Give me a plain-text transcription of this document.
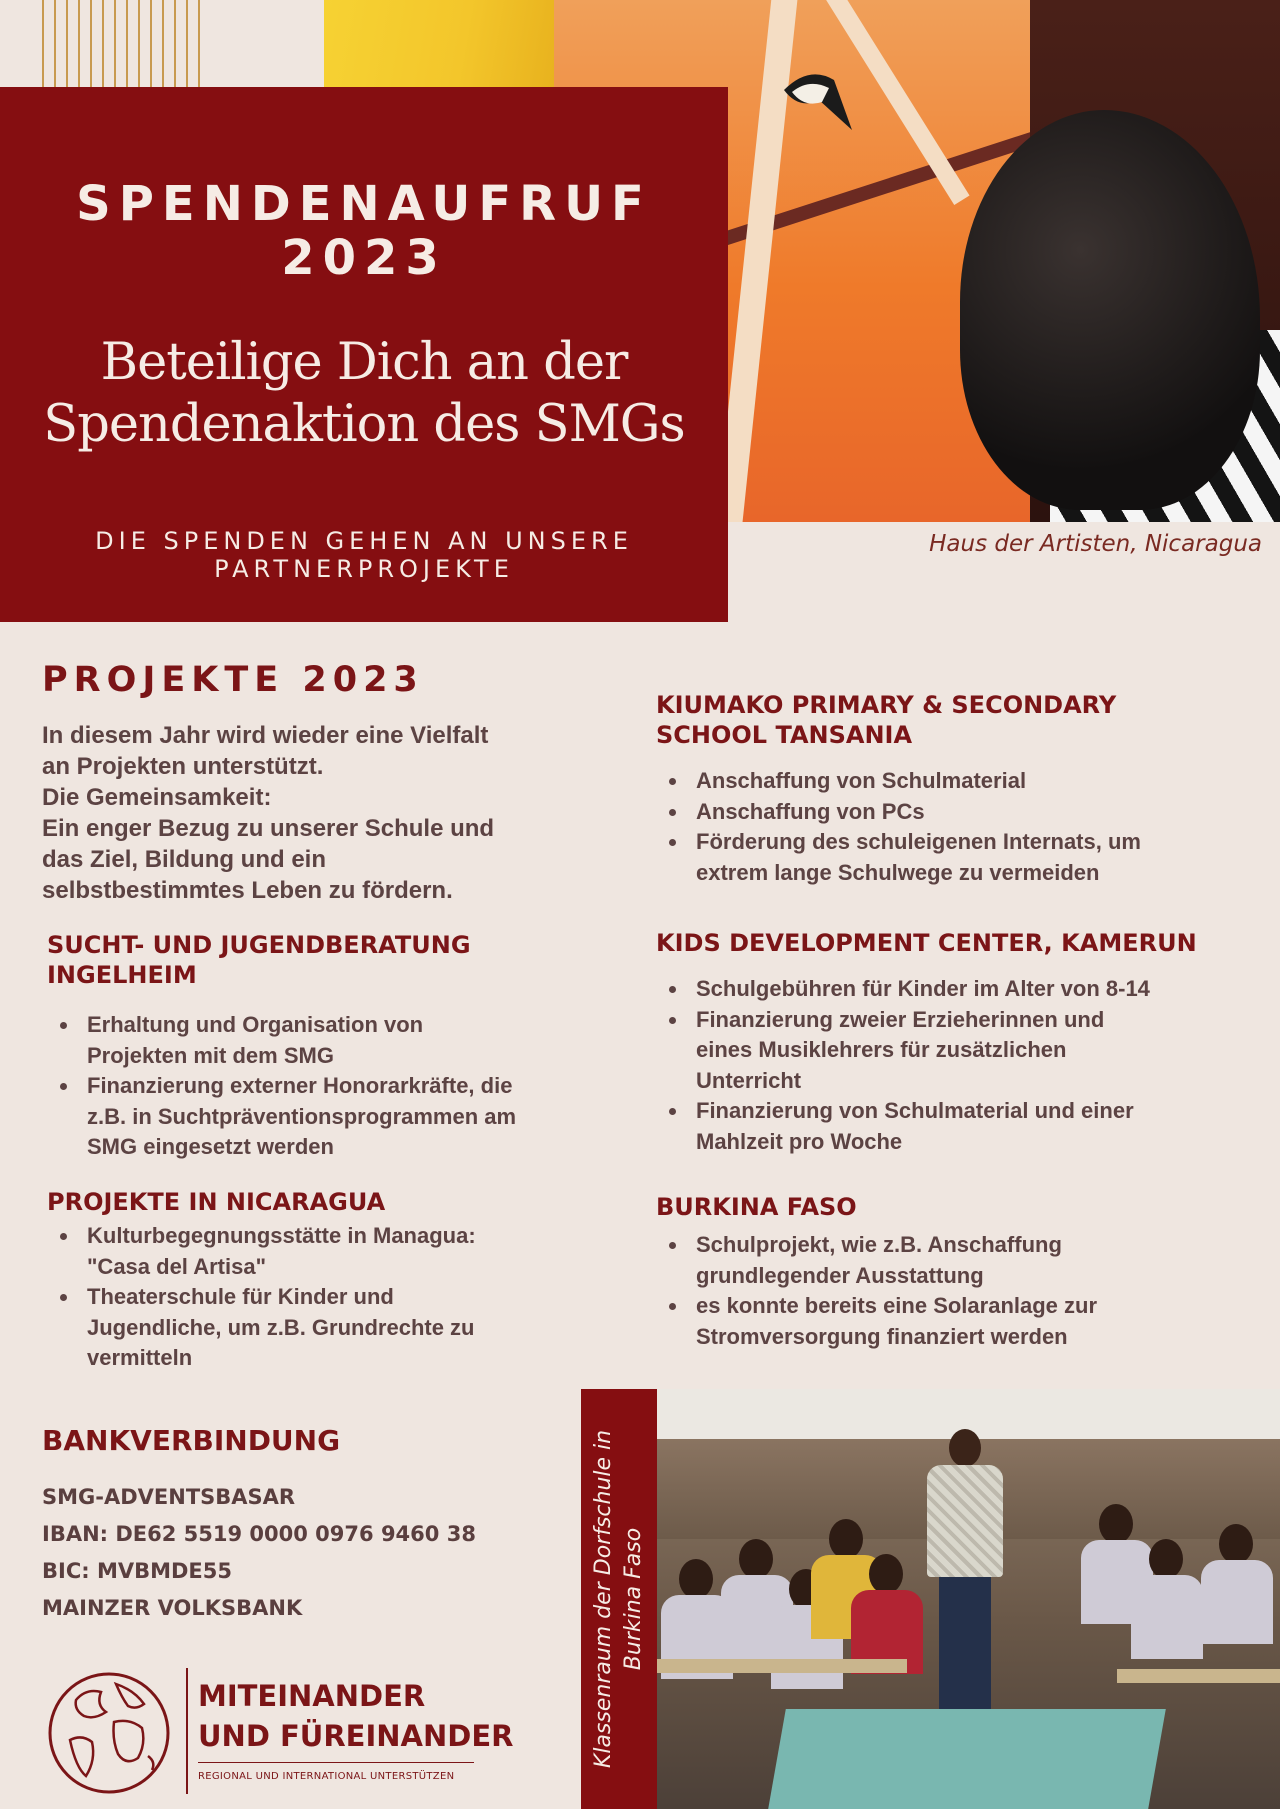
SPENDENAUFRUF
2023
Beteilige Dich an der
Spendenaktion des SMGs
DIE SPENDEN GEHEN AN UNSERE
PARTNERPROJEKTE
Haus der Artisten, Nicaragua
PROJEKTE 2023
In diesem Jahr wird wieder eine Vielfalt
an Projekten unterstützt.
Die Gemeinsamkeit:
Ein enger Bezug zu unserer Schule und
das Ziel, Bildung und ein
selbstbestimmtes Leben zu fördern.
SUCHT- UND JUGENDBERATUNG
INGELHEIM
Erhaltung und Organisation von
Projekten mit dem SMG
Finanzierung externer Honorarkräfte, die
z.B. in Suchtpräventionsprogrammen am
SMG eingesetzt werden
PROJEKTE IN NICARAGUA
Kulturbegegnungsstätte in Managua:
"Casa del Artisa"
Theaterschule für Kinder und
Jugendliche, um z.B. Grundrechte zu
vermitteln
KIUMAKO PRIMARY & SECONDARY
SCHOOL TANSANIA
Anschaffung von Schulmaterial
Anschaffung von PCs
Förderung des schuleigenen Internats, um
extrem lange Schulwege zu vermeiden
KIDS DEVELOPMENT CENTER, KAMERUN
Schulgebühren für Kinder im Alter von 8-14
Finanzierung zweier Erzieherinnen und
eines Musiklehrers für zusätzlichen
Unterricht
Finanzierung von Schulmaterial und einer
Mahlzeit pro Woche
BURKINA FASO
Schulprojekt, wie z.B. Anschaffung
grundlegender Ausstattung
es konnte bereits eine Solaranlage zur
Stromversorgung finanziert werden
BANKVERBINDUNG
SMG-ADVENTSBASAR
IBAN: DE62 5519 0000 0976 9460 38
BIC: MVBMDE55
MAINZER VOLKSBANK
MITEINANDER
UND FÜREINANDER
REGIONAL UND INTERNATIONAL UNTERSTÜTZEN
Klassenraum der Dorfschule in
Burkina Faso
